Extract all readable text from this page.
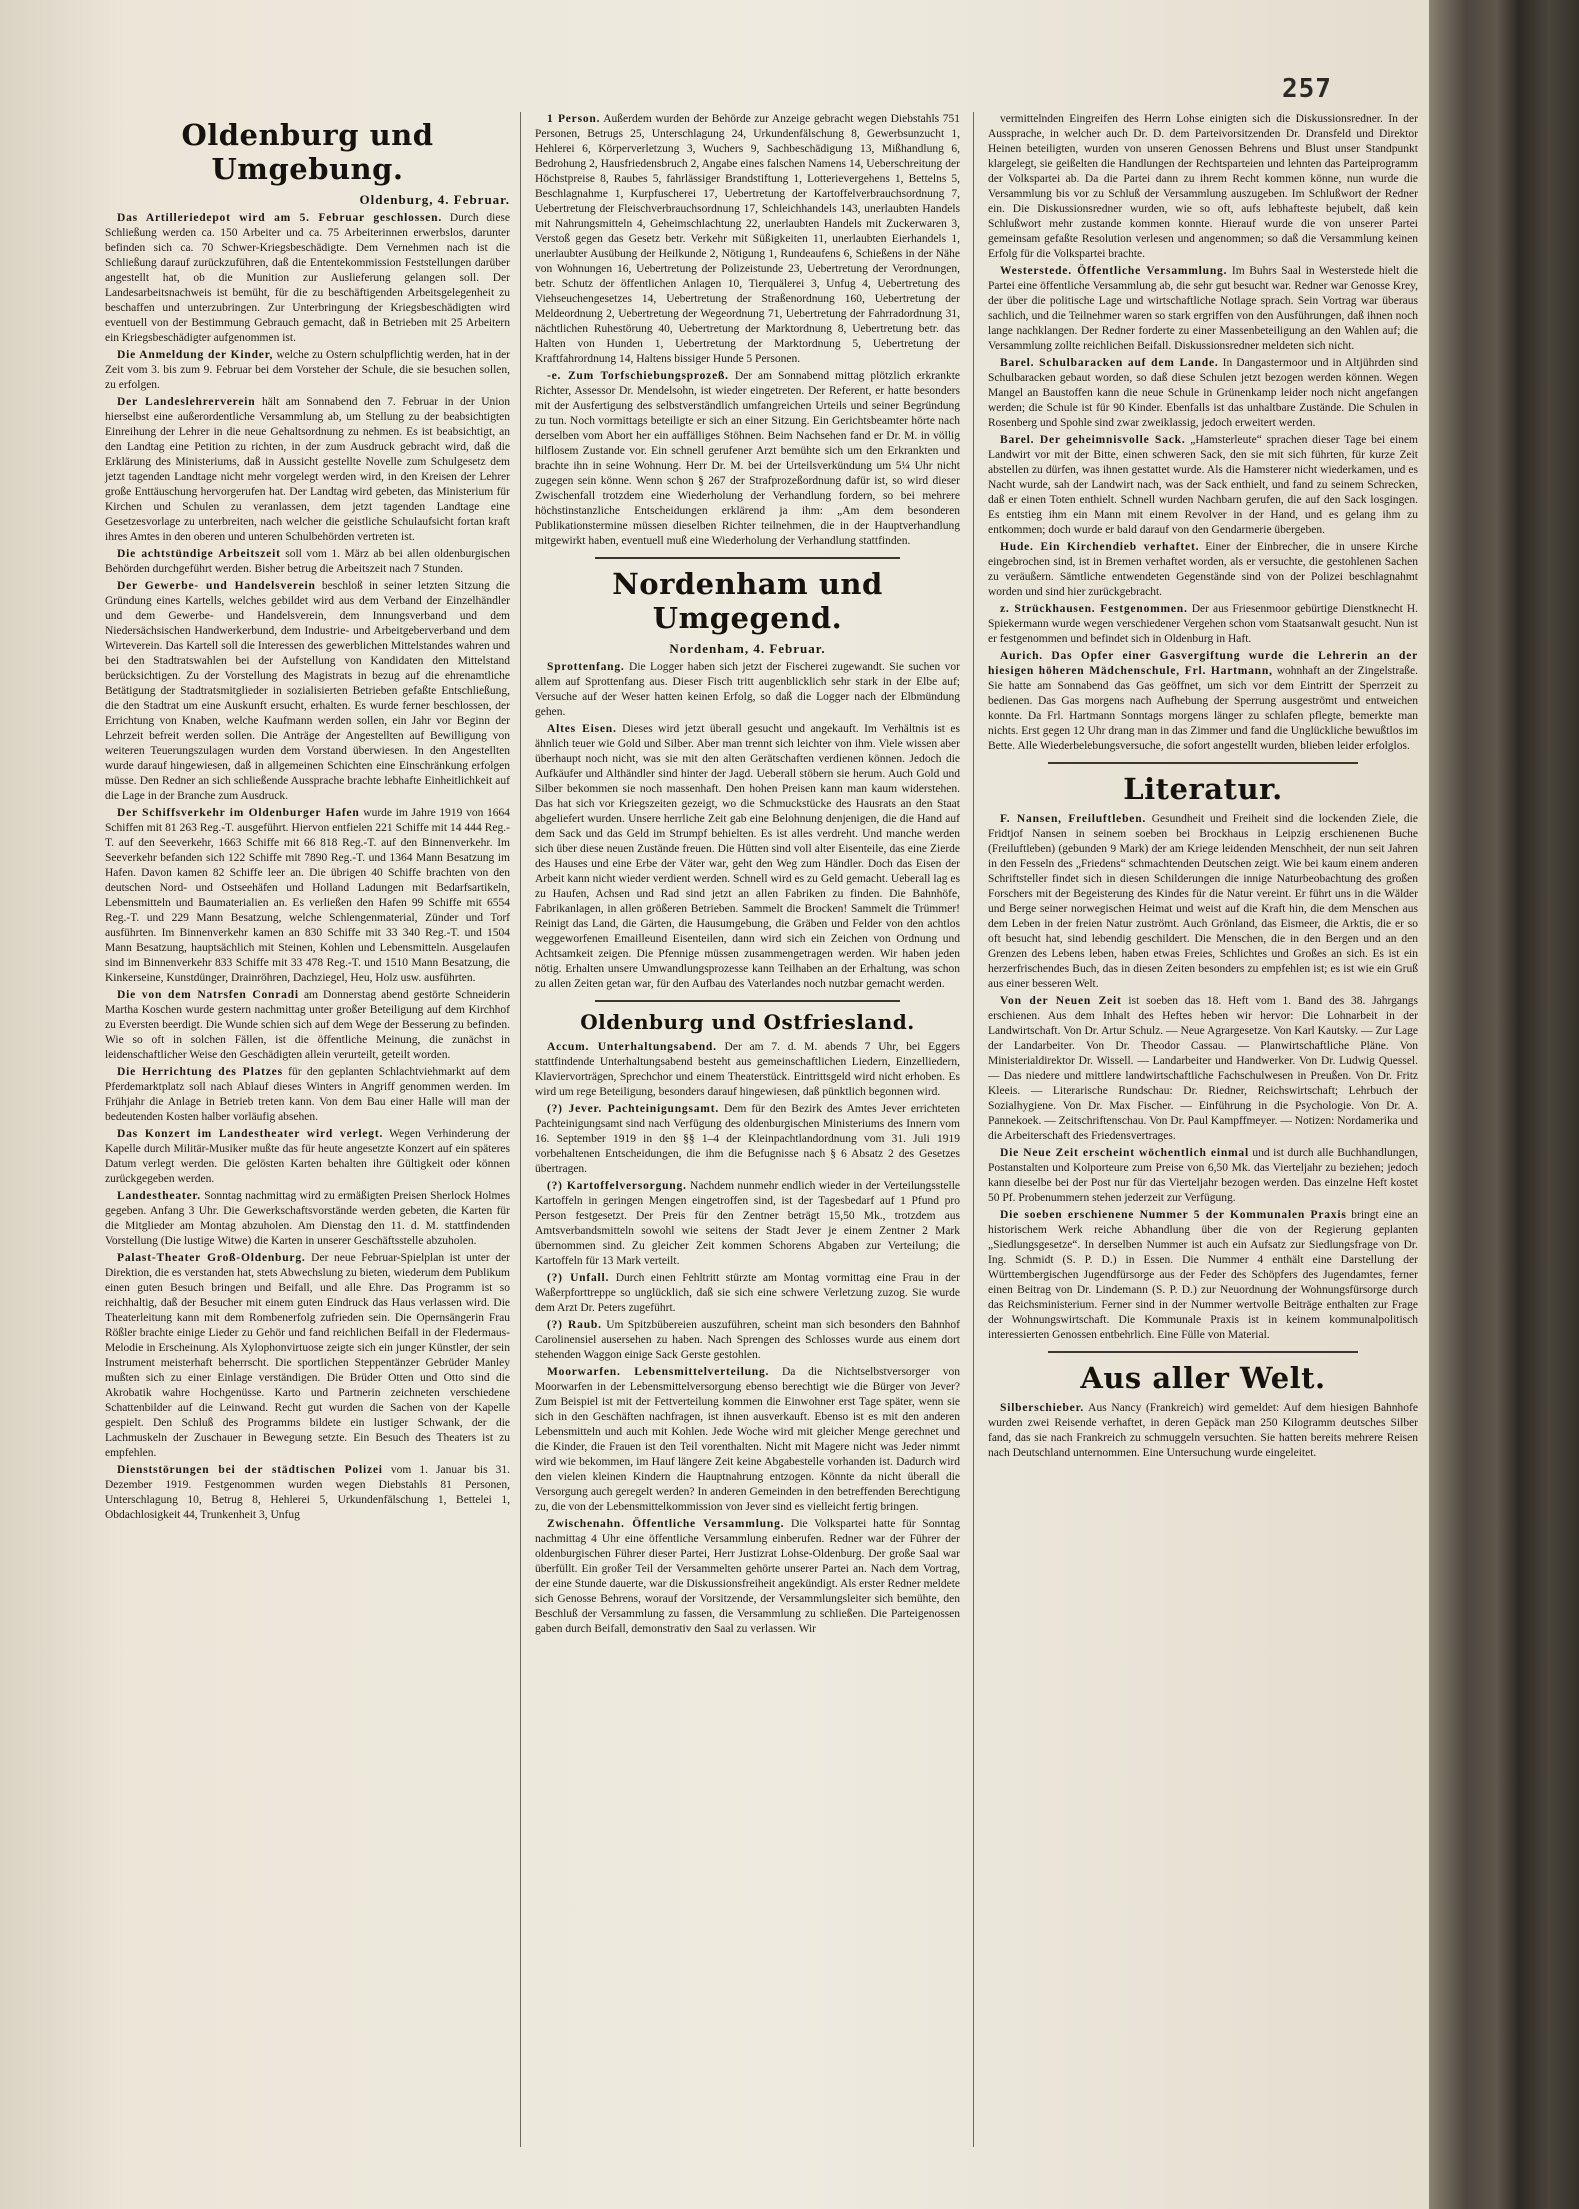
257
Oldenburg und Umgebung.
Oldenburg, 4. Februar.

Das Artilleriedepot wird am 5. Februar geschlossen. Durch diese Schließung werden ca. 150 Arbeiter und ca. 75 Arbeiterinnen erwerbslos, darunter befinden sich ca. 70 Schwer-Kriegsbeschädigte. Dem Vernehmen nach ist die Schließung darauf zurückzuführen, daß die Ententekommission Feststellungen darüber angestellt hat, ob die Munition zur Auslieferung gelangen soll. Der Landesarbeitsnachweis ist bemüht, für die zu beschäftigenden Arbeitsgelegenheit zu beschaffen und unterzubringen. Zur Unterbringung der Kriegsbeschädigten wird eventuell von der Bestimmung Gebrauch gemacht, daß in Betrieben mit 25 Arbeitern ein Kriegsbeschädigter aufgenommen ist.

Die Anmeldung der Kinder, welche zu Ostern schulpflichtig werden, hat in der Zeit vom 3. bis zum 9. Februar bei dem Vorsteher der Schule, die sie besuchen sollen, zu erfolgen.

Der Landeslehrerverein hält am Sonnabend den 7. Februar in der Union hierselbst eine außerordentliche Versammlung ab, um Stellung zu der beabsichtigten Einreihung der Lehrer in die neue Gehaltsordnung zu nehmen. Es ist beabsichtigt, an den Landtag eine Petition zu richten, in der zum Ausdruck gebracht wird, daß die Erklärung des Ministeriums, daß in Aussicht gestellte Novelle zum Schulgesetz dem jetzt tagenden Landtage nicht mehr vorgelegt werden wird, in den Kreisen der Lehrer große Enttäuschung hervorgerufen hat. Der Landtag wird gebeten, das Ministerium für Kirchen und Schulen zu veranlassen, dem jetzt tagenden Landtage eine Gesetzesvorlage zu unterbreiten, nach welcher die geistliche Schulaufsicht fortan kraft ihres Amtes in den oberen und unteren Schulbehörden vertreten ist.

Die achtstündige Arbeitszeit soll vom 1. März ab bei allen oldenburgischen Behörden durchgeführt werden. Bisher betrug die Arbeitszeit nach 7 Stunden.

Der Gewerbe- und Handelsverein beschloß in seiner letzten Sitzung die Gründung eines Kartells, welches gebildet wird aus dem Verband der Einzelhändler und dem Gewerbe- und Handelsverein, dem Innungsverband und dem Niedersächsischen Handwerkerbund, dem Industrie- und Arbeitgeberverband und dem Wirteverein. Das Kartell soll die Interessen des gewerblichen Mittelstandes wahren und bei den Stadtratswahlen bei der Aufstellung von Kandidaten den Mittelstand berücksichtigen. Zu der Vorstellung des Magistrats in bezug auf die ehrenamtliche Betätigung der Stadtratsmitglieder in sozialisierten Betrieben gefaßte Entschließung, die den Stadtrat um eine Auskunft ersucht, erhalten. Es wurde ferner beschlossen, der Errichtung von Knaben, welche Kaufmann werden sollen, ein Jahr vor Beginn der Lehrzeit befreit werden sollen. Die Anträge der Angestellten auf Bewilligung von weiteren Teuerungszulagen wurden dem Vorstand überwiesen. In den Angestellten wurde darauf hingewiesen, daß in allgemeinen Schichten eine Einschränkung erfolgen müsse. Den Redner an sich schließende Aussprache brachte lebhafte Einheitlichkeit auf die Lage in der Branche zum Ausdruck.

Der Schiffsverkehr im Oldenburger Hafen wurde im Jahre 1919 von 1664 Schiffen mit 81 263 Reg.-T. ausgeführt. Hiervon entfielen 221 Schiffe mit 14 444 Reg.-T. auf den Seeverkehr, 1663 Schiffe mit 66 818 Reg.-T. auf den Binnenverkehr. Im Seeverkehr befanden sich 122 Schiffe mit 7890 Reg.-T. und 1364 Mann Besatzung im Hafen. Davon kamen 82 Schiffe leer an. Die übrigen 40 Schiffe brachten von den deutschen Nord- und Ostseehäfen und Holland Ladungen mit Bedarfsartikeln, Lebensmitteln und Baumaterialien an. Es verließen den Hafen 99 Schiffe mit 6554 Reg.-T. und 229 Mann Besatzung, welche Schlengenmaterial, Zünder und Torf ausführten. Im Binnenverkehr kamen an 830 Schiffe mit 33 340 Reg.-T. und 1504 Mann Besatzung, hauptsächlich mit Steinen, Kohlen und Lebensmitteln. Ausgelaufen sind im Binnenverkehr 833 Schiffe mit 33 478 Reg.-T. und 1510 Mann Besatzung, die Kinkerseine, Kunstdünger, Drainröhren, Dachziegel, Heu, Holz usw. ausführten.

Die von dem Natrsfen Conradi am Donnerstag abend gestörte Schneiderin Martha Koschen wurde gestern nachmittag unter großer Beteiligung auf dem Kirchhof zu Eversten beerdigt. Die Wunde schien sich auf dem Wege der Besserung zu befinden. Wie so oft in solchen Fällen, ist die öffentliche Meinung, die zunächst in leidenschaftlicher Weise den Geschädigten allein verurteilt, geteilt worden.

Die Herrichtung des Platzes für den geplanten Schlachtviehmarkt auf dem Pferdemarktplatz soll nach Ablauf dieses Winters in Angriff genommen werden. Im Frühjahr die Anlage in Betrieb treten kann. Von dem Bau einer Halle will man der bedeutenden Kosten halber vorläufig absehen.

Das Konzert im Landestheater wird verlegt. Wegen Verhinderung der Kapelle durch Militär-Musiker mußte das für heute angesetzte Konzert auf ein späteres Datum verlegt werden. Die gelösten Karten behalten ihre Gültigkeit oder können zurückgegeben werden.

Landestheater. Sonntag nachmittag wird zu ermäßigten Preisen Sherlock Holmes gegeben. Anfang 3 Uhr. Die Gewerkschaftsvorstände werden gebeten, die Karten für die Mitglieder am Montag abzuholen. Am Dienstag den 11. d. M. stattfindenden Vorstellung (Die lustige Witwe) die Karten in unserer Geschäftsstelle abzuholen.

Palast-Theater Groß-Oldenburg. Der neue Februar-Spielplan ist unter der Direktion, die es verstanden hat, stets Abwechslung zu bieten, wiederum dem Publikum einen guten Besuch bringen und Beifall, und alle Ehre. Das Programm ist so reichhaltig, daß der Besucher mit einem guten Eindruck das Haus verlassen wird. Die Theaterleitung kann mit dem Rombenerfolg zufrieden sein. Die Opernsängerin Frau Rößler brachte einige Lieder zu Gehör und fand reichlichen Beifall in der Fledermaus-Melodie in Erscheinung. Als Xylophonvirtuose zeigte sich ein junger Künstler, der sein Instrument meisterhaft beherrscht. Die sportlichen Steppentänzer Gebrüder Manley mußten sich zu einer Einlage verständigen. Die Brüder Otten und Otto sind die Akrobatik wahre Hochgenüsse. Karto und Partnerin zeichneten verschiedene Schattenbilder auf die Leinwand. Recht gut wurden die Sachen von der Kapelle gespielt. Den Schluß des Programms bildete ein lustiger Schwank, der die Lachmuskeln der Zuschauer in Bewegung setzte. Ein Besuch des Theaters ist zu empfehlen.

Dienststörungen bei der städtischen Polizei vom 1. Januar bis 31. Dezember 1919. Festgenommen wurden wegen Diebstahls 81 Personen, Unterschlagung 10, Betrug 8, Hehlerei 5, Urkundenfälschung 1, Bettelei 1, Obdachlosigkeit 44, Trunkenheit 3, Unfug

1 Person. Außerdem wurden der Behörde zur Anzeige gebracht wegen Diebstahls 751 Personen, Betrugs 25, Unterschlagung 24, Urkundenfälschung 8, Gewerbsunzucht 1, Hehlerei 6, Körperverletzung 3, Wuchers 9, Sachbeschädigung 13, Mißhandlung 6, Bedrohung 2, Hausfriedensbruch 2, Angabe eines falschen Namens 14, Ueberschreitung der Höchstpreise 8, Raubes 5, fahrlässiger Brandstiftung 1, Lotterievergehens 1, Bettelns 5, Beschlagnahme 1, Kurpfuscherei 17, Uebertretung der Kartoffelverbrauchsordnung 7, Uebertretung der Fleischverbrauchsordnung 17, Schleichhandels 143, unerlaubten Handels mit Nahrungsmitteln 4, Geheimschlachtung 22, unerlaubten Handels mit Zuckerwaren 3, Verstoß gegen das Gesetz betr. Verkehr mit Süßigkeiten 11, unerlaubten Eierhandels 1, unerlaubter Ausübung der Heilkunde 2, Nötigung 1, Rundeaufens 6, Schießens in der Nähe von Wohnungen 16, Uebertretung der Polizeistunde 23, Uebertretung der Verordnungen, betr. Schutz der öffentlichen Anlagen 10, Tierquälerei 3, Unfug 4, Uebertretung des Viehseuchengesetzes 14, Uebertretung der Straßenordnung 160, Uebertretung der Meldeordnung 2, Uebertretung der Wegeordnung 71, Uebertretung der Fahrradordnung 31, nächtlichen Ruhestörung 40, Uebertretung der Marktordnung 8, Uebertretung betr. das Halten von Hunden 1, Uebertretung der Marktordnung 5, Uebertretung der Kraftfahrordnung 14, Haltens bissiger Hunde 5 Personen.

-e. Zum Torfschiebungsprozeß. Der am Sonnabend mittag plötzlich erkrankte Richter, Assessor Dr. Mendelsohn, ist wieder eingetreten. Der Referent, er hatte besonders mit der Ausfertigung des selbstverständlich umfangreichen Urteils und seiner Begründung zu tun. Noch vormittags beteiligte er sich an einer Sitzung. Ein Gerichtsbeamter hörte nach derselben vom Abort her ein auffälliges Stöhnen. Beim Nachsehen fand er Dr. M. in völlig hilflosem Zustande vor. Ein schnell gerufener Arzt bemühte sich um den Erkrankten und brachte ihn in seine Wohnung. Herr Dr. M. bei der Urteilsverkündung um 5¼ Uhr nicht zugegen sein könne. Wenn schon § 267 der Strafprozeßordnung dafür ist, so wird dieser Zwischenfall trotzdem eine Wiederholung der Verhandlung fordern, so bei mehrere höchstinstanzliche Entscheidungen erklärend ja ihm: „Am dem besonderen Publikationstermine müssen dieselben Richter teilnehmen, die in der Hauptverhandlung mitgewirkt haben, eventuell muß eine Wiederholung der Verhandlung stattfinden.

Nordenham und Umgegend.
Nordenham, 4. Februar.

Sprottenfang. Die Logger haben sich jetzt der Fischerei zugewandt. Sie suchen vor allem auf Sprottenfang aus. Dieser Fisch tritt augenblicklich sehr stark in der Elbe auf; Versuche auf der Weser hatten keinen Erfolg, so daß die Logger nach der Elbmündung gehen.

Altes Eisen. Dieses wird jetzt überall gesucht und angekauft. Im Verhältnis ist es ähnlich teuer wie Gold und Silber. Aber man trennt sich leichter von ihm. Viele wissen aber überhaupt noch nicht, was sie mit den alten Gerätschaften verdienen können. Jedoch die Aufkäufer und Althändler sind hinter der Jagd. Ueberall stöbern sie herum. Auch Gold und Silber bekommen sie noch massenhaft. Den hohen Preisen kann man kaum widerstehen. Das hat sich vor Kriegszeiten gezeigt, wo die Schmuckstücke des Hausrats an den Staat abgeliefert wurden. Unsere herrliche Zeit gab eine Belohnung denjenigen, die die Hand auf dem Sack und das Geld im Strumpf behielten. Es ist alles verdreht. Und manche werden sich über diese neuen Zustände freuen. Die Hütten sind voll alter Eisenteile, das eine Zierde des Hauses und eine Erbe der Väter war, geht den Weg zum Händler. Doch das Eisen der Arbeit kann nicht wieder verdient werden. Schnell wird es zu Geld gemacht. Ueberall lag es zu Haufen, Achsen und Rad sind jetzt an allen Fabriken zu finden. Die Bahnhöfe, Fabrikanlagen, in allen größeren Betrieben. Sammelt die Brocken! Sammelt die Trümmer! Reinigt das Land, die Gärten, die Hausumgebung, die Gräben und Felder von den achtlos weggeworfenen Emailleund Eisenteilen, dann wird sich ein Zeichen von Ordnung und Achtsamkeit zeigen. Die Pfennige müssen zusammengetragen werden. Wir haben jeden nötig. Erhalten unsere Umwandlungsprozesse kann Teilhaben an der Erhaltung, was schon zu allen Zeiten getan war, für den Aufbau des Vaterlandes noch nutzbar gemacht werden.

Oldenburg und Ostfriesland.

Accum. Unterhaltungsabend. Der am 7. d. M. abends 7 Uhr, bei Eggers stattfindende Unterhaltungsabend besteht aus gemeinschaftlichen Liedern, Einzelliedern, Klaviervorträgen, Sprechchor und einem Theaterstück. Eintrittsgeld wird nicht erhoben. Es wird um rege Beteiligung, besonders darauf hingewiesen, daß pünktlich begonnen wird.

(?) Jever. Pachteinigungsamt. Dem für den Bezirk des Amtes Jever errichteten Pachteinigungsamt sind nach Verfügung des oldenburgischen Ministeriums des Innern vom 16. September 1919 in den §§ 1–4 der Kleinpachtlandordnung vom 31. Juli 1919 vorbehaltenen Entscheidungen, die ihm die Befugnisse nach § 6 Absatz 2 des Gesetzes übertragen.

(?) Kartoffelversorgung. Nachdem nunmehr endlich wieder in der Verteilungsstelle Kartoffeln in geringen Mengen eingetroffen sind, ist der Tagesbedarf auf 1 Pfund pro Person festgesetzt. Der Preis für den Zentner beträgt 15,50 Mk., trotzdem aus Amtsverbandsmitteln sowohl wie seitens der Stadt Jever je einem Zentner 2 Mark übernommen sind. Zu gleicher Zeit kommen Schorens Abgaben zur Verteilung; die Kartoffeln für 13 Mark verteilt.

(?) Unfall. Durch einen Fehltritt stürzte am Montag vormittag eine Frau in der Waßerpforttreppe so unglücklich, daß sie sich eine schwere Verletzung zuzog. Sie wurde dem Arzt Dr. Peters zugeführt.

(?) Raub. Um Spitzbübereien auszuführen, scheint man sich besonders den Bahnhof Carolinensiel ausersehen zu haben. Nach Sprengen des Schlosses wurde aus einem dort stehenden Waggon einige Sack Gerste gestohlen.

Moorwarfen. Lebensmittelverteilung. Da die Nichtselbstversorger von Moorwarfen in der Lebensmittelversorgung ebenso berechtigt wie die Bürger von Jever? Zum Beispiel ist mit der Fettverteilung kommen die Einwohner erst Tage später, wenn sie sich in den Geschäften nachfragen, ist ihnen ausverkauft. Ebenso ist es mit den anderen Lebensmitteln und auch mit Kohlen. Jede Woche wird mit gleicher Menge gerechnet und die Kinder, die Frauen ist den Teil vorenthalten. Nicht mit Magere nicht was Jeder nimmt wird wie bekommen, im Hauf längere Zeit keine Abgabestelle vorhanden ist. Dadurch wird den vielen kleinen Kindern die Hauptnahrung entzogen. Könnte da nicht überall die Versorgung auch geregelt werden? In anderen Gemeinden in den betreffenden Berechtigung zu, die von der Lebensmittelkommission von Jever sind es vielleicht fertig bringen.

Zwischenahn. Öffentliche Versammlung. Die Volkspartei hatte für Sonntag nachmittag 4 Uhr eine öffentliche Versammlung einberufen. Redner war der Führer der oldenburgischen Führer dieser Partei, Herr Justizrat Lohse-Oldenburg. Der große Saal war überfüllt. Ein großer Teil der Versammelten gehörte unserer Partei an. Nach dem Vortrag, der eine Stunde dauerte, war die Diskussionsfreiheit angekündigt. Als erster Redner meldete sich Genosse Behrens, worauf der Vorsitzende, der Versammlungsleiter sich bemühte, den Beschluß der Versammlung zu fassen, die Versammlung zu schließen. Die Parteigenossen gaben durch Beifall, demonstrativ den Saal zu verlassen. Wir

vermittelnden Eingreifen des Herrn Lohse einigten sich die Diskussionsredner. In der Aussprache, in welcher auch Dr. D. dem Parteivorsitzenden Dr. Dransfeld und Direktor Heinen beteiligten, wurden von unseren Genossen Behrens und Blust unser Standpunkt klargelegt, sie geißelten die Handlungen der Rechtsparteien und lehnten das Parteiprogramm der Volkspartei ab. Da die Partei dann zu ihrem Recht kommen könne, nun wurde die Versammlung bis vor zu Schluß der Versammlung auszugeben. Im Schlußwort der Redner ein. Die Diskussionsredner wurden, wie so oft, aufs lebhafteste bejubelt, daß kein Schlußwort mehr zustande kommen konnte. Hierauf wurde die von unserer Partei gemeinsam gefaßte Resolution verlesen und angenommen; so daß die Versammlung keinen Erfolg für die Volkspartei brachte.

Westerstede. Öffentliche Versammlung. Im Buhrs Saal in Westerstede hielt die Partei eine öffentliche Versammlung ab, die sehr gut besucht war. Redner war Genosse Krey, der über die politische Lage und wirtschaftliche Notlage sprach. Sein Vortrag war überaus sachlich, und die Teilnehmer waren so stark ergriffen von den Ausführungen, daß ihnen noch lange nachklangen. Der Redner forderte zu einer Massenbeteiligung an den Wahlen auf; die Versammlung zollte reichlichen Beifall. Diskussionsredner meldeten sich nicht.

Barel. Schulbaracken auf dem Lande. In Dangastermoor und in Altjührden sind Schulbaracken gebaut worden, so daß diese Schulen jetzt bezogen werden können. Wegen Mangel an Baustoffen kann die neue Schule in Grünenkamp leider noch nicht angefangen werden; die Schule ist für 90 Kinder. Ebenfalls ist das unhaltbare Zustände. Die Schulen in Rosenberg und Spohle sind zwar zweiklassig, jedoch erweitert werden.

Barel. Der geheimnisvolle Sack. „Hamsterleute“ sprachen dieser Tage bei einem Landwirt vor mit der Bitte, einen schweren Sack, den sie mit sich führten, für kurze Zeit abstellen zu dürfen, was ihnen gestattet wurde. Als die Hamsterer nicht wiederkamen, und es Nacht wurde, sah der Landwirt nach, was der Sack enthielt, und fand zu seinem Schrecken, daß er einen Toten enthielt. Schnell wurden Nachbarn gerufen, die auf den Sack losgingen. Es entstieg ihm ein Mann mit einem Revolver in der Hand, und es gelang ihm zu entkommen; doch wurde er bald darauf von den Gendarmerie übergeben.

Hude. Ein Kirchendieb verhaftet. Einer der Einbrecher, die in unsere Kirche eingebrochen sind, ist in Bremen verhaftet worden, als er versuchte, die gestohlenen Sachen zu veräußern. Sämtliche entwendeten Gegenstände sind von der Polizei beschlagnahmt worden und sind hier zurückgebracht.

z. Strückhausen. Festgenommen. Der aus Friesenmoor gebürtige Dienstknecht H. Spiekermann wurde wegen verschiedener Vergehen schon vom Staatsanwalt gesucht. Nun ist er festgenommen und befindet sich in Oldenburg in Haft.

Aurich. Das Opfer einer Gasvergiftung wurde die Lehrerin an der hiesigen höheren Mädchenschule, Frl. Hartmann, wohnhaft an der Zingelstraße. Sie hatte am Sonnabend das Gas geöffnet, um sich vor dem Eintritt der Sperrzeit zu bedienen. Das Gas morgens nach Aufhebung der Sperrung ausgeströmt und entweichen konnte. Da Frl. Hartmann Sonntags morgens länger zu schlafen pflegte, bemerkte man nichts. Erst gegen 12 Uhr drang man in das Zimmer und fand die Unglückliche bewußtlos im Bette. Alle Wiederbelebungsversuche, die sofort angestellt wurden, blieben leider erfolglos.

Literatur.

F. Nansen, Freiluftleben. Gesundheit und Freiheit sind die lockenden Ziele, die Fridtjof Nansen in seinem soeben bei Brockhaus in Leipzig erschienenen Buche (Freiluftleben) (gebunden 9 Mark) der am Kriege leidenden Menschheit, der nun seit Jahren in den Fesseln des „Friedens“ schmachtenden Deutschen zeigt. Wie bei kaum einem anderen Schriftsteller findet sich in diesen Schilderungen die innige Naturbeobachtung des großen Forschers mit der Begeisterung des Kindes für die Natur vereint. Er führt uns in die Wälder und Berge seiner norwegischen Heimat und weist auf die Kraft hin, die dem Menschen aus dem Leben in der freien Natur zuströmt. Auch Grönland, das Eismeer, die Arktis, die er so oft besucht hat, sind lebendig geschildert. Die Menschen, die in den Bergen und an den Grenzen des Lebens leben, haben etwas Freies, Schlichtes und Großes an sich. Es ist ein herzerfrischendes Buch, das in diesen Zeiten besonders zu empfehlen ist; es ist wie ein Gruß aus einer besseren Welt.

Von der Neuen Zeit ist soeben das 18. Heft vom 1. Band des 38. Jahrgangs erschienen. Aus dem Inhalt des Heftes heben wir hervor: Die Lohnarbeit in der Landwirtschaft. Von Dr. Artur Schulz. — Neue Agrargesetze. Von Karl Kautsky. — Zur Lage der Landarbeiter. Von Dr. Theodor Cassau. — Planwirtschaftliche Pläne. Von Ministerialdirektor Dr. Wissell. — Landarbeiter und Handwerker. Von Dr. Ludwig Quessel. — Das niedere und mittlere landwirtschaftliche Fachschulwesen in Preußen. Von Dr. Fritz Kleeis. — Literarische Rundschau: Dr. Riedner, Reichswirtschaft; Lehrbuch der Sozialhygiene. Von Dr. Max Fischer. — Einführung in die Psychologie. Von Dr. A. Pannekoek. — Zeitschriftenschau. Von Dr. Paul Kampffmeyer. — Notizen: Nordamerika und die Arbeiterschaft des Friedensvertrages.

Die Neue Zeit erscheint wöchentlich einmal und ist durch alle Buchhandlungen, Postanstalten und Kolporteure zum Preise von 6,50 Mk. das Vierteljahr zu beziehen; jedoch kann dieselbe bei der Post nur für das Vierteljahr bezogen werden. Das einzelne Heft kostet 50 Pf. Probenummern stehen jederzeit zur Verfügung.

Die soeben erschienene Nummer 5 der Kommunalen Praxis bringt eine an historischem Werk reiche Abhandlung über die von der Regierung geplanten „Siedlungsgesetze“. In derselben Nummer ist auch ein Aufsatz zur Siedlungsfrage von Dr. Ing. Schmidt (S. P. D.) in Essen. Die Nummer 4 enthält eine Darstellung der Württembergischen Jugendfürsorge aus der Feder des Schöpfers des Jugendamtes, ferner einen Beitrag von Dr. Lindemann (S. P. D.) zur Neuordnung der Wohnungsfürsorge durch das Reichsministerium. Ferner sind in der Nummer wertvolle Beiträge enthalten zur Frage der Wohnungswirtschaft. Die Kommunale Praxis ist in keinem kommunalpolitisch interessierten Genossen entbehrlich. Eine Fülle von Material.

Aus aller Welt.

Silberschieber. Aus Nancy (Frankreich) wird gemeldet: Auf dem hiesigen Bahnhofe wurden zwei Reisende verhaftet, in deren Gepäck man 250 Kilogramm deutsches Silber fand, das sie nach Frankreich zu schmuggeln versuchten. Sie hatten bereits mehrere Reisen nach Deutschland unternommen. Eine Untersuchung wurde eingeleitet.
